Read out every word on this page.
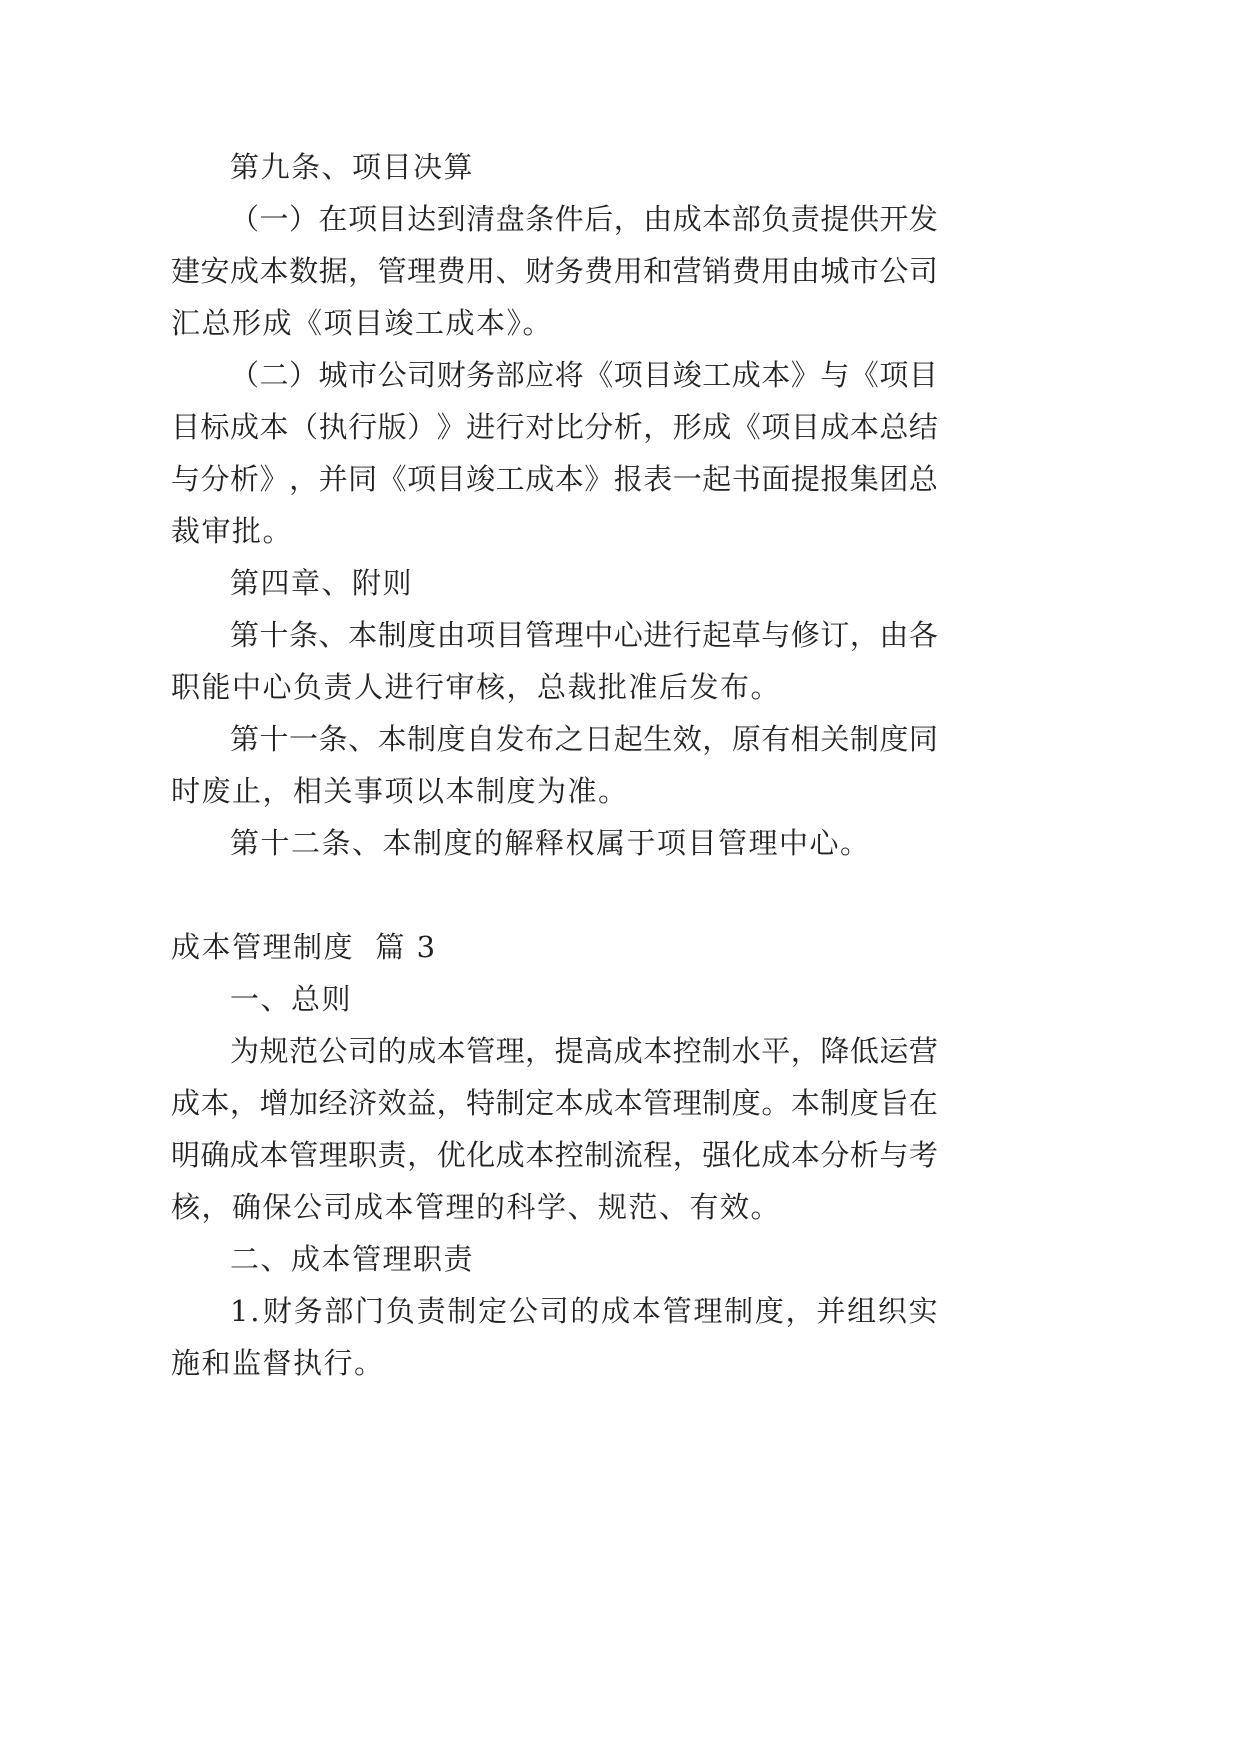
第九条、项目决算
（ 一 ） 在 项 目 达 到 清 盘 条 件 后 ， 由 成 本 部 负 责 提 供 开 发
建 安 成 本 数 据 ， 管 理 费 用 、 财 务 费 用 和 营 销 费 用 由 城 市 公 司
汇总形成《项目竣工成本》。
（ 二 ） 城 市 公 司 财 务 部 应 将 《 项 目 竣 工 成 本 》 与 《 项 目
目 标 成 本 （ 执 行 版 ） 》 进 行 对 比 分 析 ， 形 成 《 项 目 成 本 总 结
与 分 析 》 ， 并 同 《 项 目 竣 工 成 本 》 报 表 一 起 书 面 提 报 集 团 总
裁审批。
第四章、附则
第 十 条 、 本 制 度 由 项 目 管 理 中 心 进 行 起 草 与 修 订 ， 由 各
职能中心负责人进行审核，总裁批准后发布。
第 十 一 条 、 本 制 度 自 发 布 之 日 起 生 效 ， 原 有 相 关 制 度 同
时废止，相关事项以本制度为准。
第十二条、本制度的解释权属于项目管理中心。
成本管理制度  篇 3
一、总则
为 规 范 公 司 的 成 本 管 理 ， 提 高 成 本 控 制 水 平 ， 降 低 运 营
成 本 ， 增 加 经 济 效 益 ， 特 制 定 本 成 本 管 理 制 度 。 本 制 度 旨 在
明 确 成 本 管 理 职 责 ， 优 化 成 本 控 制 流 程 ， 强 化 成 本 分 析 与 考
核，确保公司成本管理的科学、规范、有效。
二、成本管理职责
1 . 财 务 部 门 负 责 制 定 公 司 的 成 本 管 理 制 度 ， 并 组 织 实
施和监督执行。
